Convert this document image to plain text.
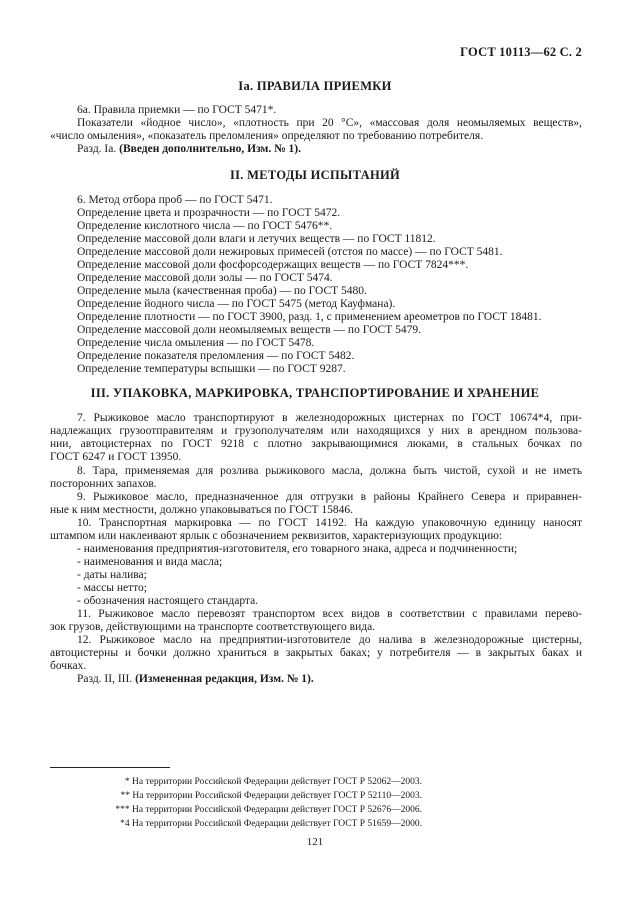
ГОСТ 10113—62 С. 2
Ia. ПРАВИЛА ПРИЕМКИ
6а. Правила приемки — по ГОСТ 5471*.
Показатели «йодное число», «плотность при 20 °С», «массовая доля неомыляемых веществ»,
«число омыления», «показатель преломления» определяют по требованию потребителя.
Разд. Ia. (Введен дополнительно, Изм. № 1).
II. МЕТОДЫ ИСПЫТАНИЙ
6. Метод отбора проб — по ГОСТ 5471.
Определение цвета и прозрачности — по ГОСТ 5472.
Определение кислотного числа — по ГОСТ 5476**.
Определение массовой доли влаги и летучих веществ — по ГОСТ 11812.
Определение массовой доли нежировых примесей (отстоя по массе) — по ГОСТ 5481.
Определение массовой доли фосфорсодержащих веществ — по ГОСТ 7824***.
Определение массовой доли золы — по ГОСТ 5474.
Определение мыла (качественная проба) — по ГОСТ 5480.
Определение йодного числа — по ГОСТ 5475 (метод Кауфмана).
Определение плотности — по ГОСТ 3900, разд. 1, с применением ареометров по ГОСТ 18481.
Определение массовой доли неомыляемых веществ — по ГОСТ 5479.
Определение числа омыления — по ГОСТ 5478.
Определение показателя преломления — по ГОСТ 5482.
Определение температуры вспышки — по ГОСТ 9287.
III. УПАКОВКА, МАРКИРОВКА, ТРАНСПОРТИРОВАНИЕ И ХРАНЕНИЕ
7. Рыжиковое масло транспортируют в железнодорожных цистернах по ГОСТ 10674*4, при-
надлежащих грузоотправителям и грузополучателям или находящихся у них в арендном пользова-
нии, автоцистернах по ГОСТ 9218 с плотно закрывающимися люками, в стальных бочках по
ГОСТ 6247 и ГОСТ 13950.
8. Тара, применяемая для розлива рыжикового масла, должна быть чистой, сухой и не иметь
посторонних запахов.
9. Рыжиковое масло, предназначенное для отгрузки в районы Крайнего Севера и приравнен-
ные к ним местности, должно упаковываться по ГОСТ 15846.
10. Транспортная маркировка — по ГОСТ 14192. На каждую упаковочную единицу наносят
штампом или наклеивают ярлык с обозначением реквизитов, характеризующих продукцию:
- наименования предприятия-изготовителя, его товарного знака, адреса и подчиненности;
- наименования и вида масла;
- даты налива;
- массы нетто;
- обозначения настоящего стандарта.
11. Рыжиковое масло перевозят транспортом всех видов в соответствии с правилами перево-
зок грузов, действующими на транспорте соответствующего вида.
12. Рыжиковое масло на предприятии-изготовителе до налива в железнодорожные цистерны,
автоцистерны и бочки должно храниться в закрытых баках; у потребителя — в закрытых баках и
бочках.
Разд. II, III. (Измененная редакция, Изм. № 1).
* На территории Российской Федерации действует ГОСТ Р 52062—2003.
** На территории Российской Федерации действует ГОСТ Р 52110—2003.
*** На территории Российской Федерации действует ГОСТ Р 52676—2006.
*4 На территории Российской Федерации действует ГОСТ Р 51659—2000.
121
